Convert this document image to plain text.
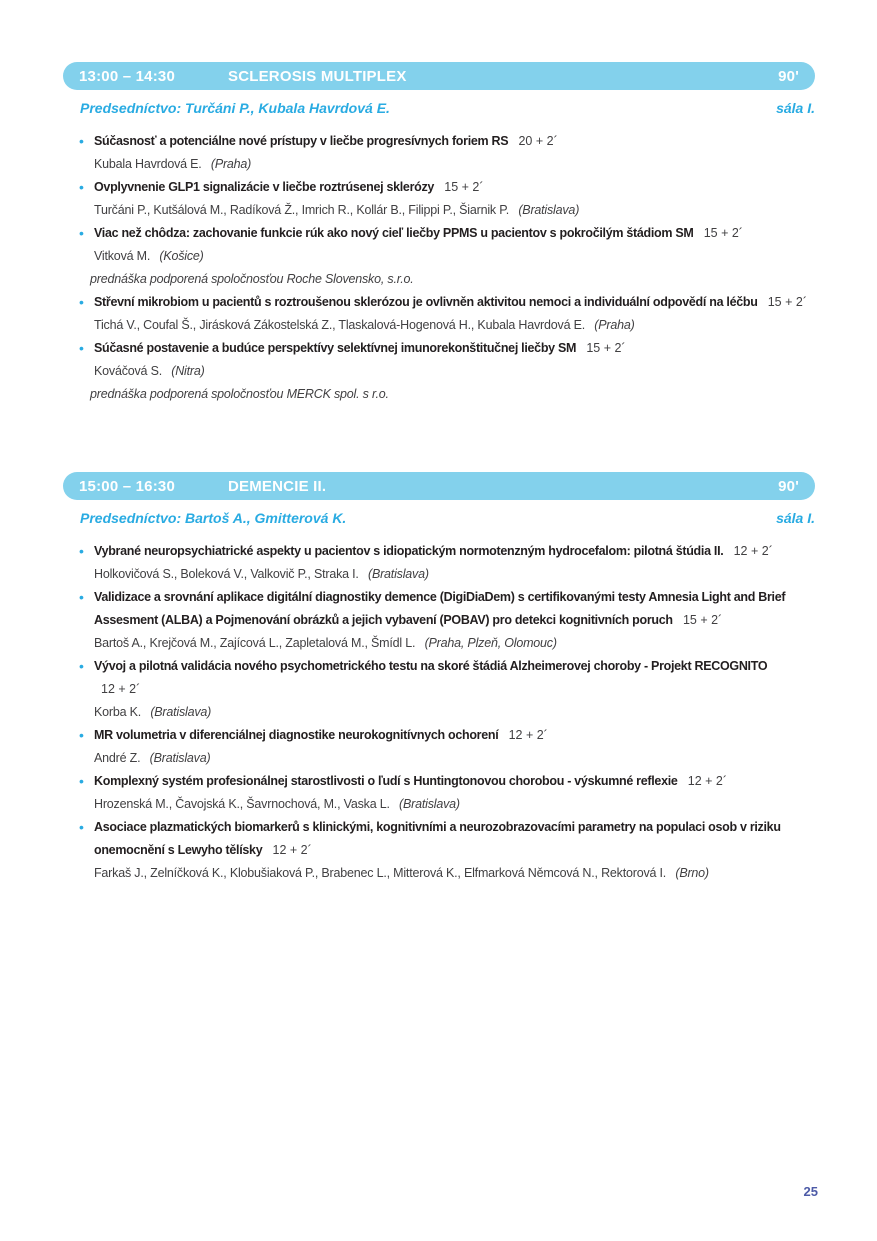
13:00 – 14:30	SCLEROSIS MULTIPLEX	90'
Predsedníctvo: Turčáni P., Kubala Havrdová E.	sála I.
• Súčasnosť a potenciálne nové prístupy v liečbe progresívnych foriem RS 20 + 2´
Kubala Havrdová E. (Praha)
• Ovplyvnenie GLP1 signalizácie v liečbe roztrúsenej sklerózy 15 + 2´
Turčáni P., Kutšálová M., Radíková Ž., Imrich R., Kollár B., Filippi P., Šiarnik P. (Bratislava)
• Viac než chôdza: zachovanie funkcie rúk ako nový cieľ liečby PPMS u pacientov s pokročilým štádiom SM 15 + 2´
Vitková M. (Košice)
prednáška podporená spoločnosťou Roche Slovensko, s.r.o.
• Střevní mikrobiom u pacientů s roztroušenou sklerózou je ovlivněn aktivitou nemoci a individuální odpovědí na léčbu 15 + 2´
Tichá V., Coufal Š., Jirásková Zákostelská Z., Tlaskalová-Hogenová H., Kubala Havrdová E. (Praha)
• Súčasné postavenie a budúce perspektívy selektívnej imunorekonštitučnej liečby SM 15 + 2´
Kováčová S. (Nitra)
prednáška podporená spoločnosťou MERCK spol. s r.o.
15:00 – 16:30	DEMENCIE II.	90'
Predsedníctvo: Bartoš A., Gmitterová K.	sála I.
• Vybrané neuropsychiatrické aspekty u pacientov s idiopatickým normotenzným hydrocefalom: pilotná štúdia II. 12 + 2´
Holkovičová S., Boleková V., Valkovič P., Straka I. (Bratislava)
• Validizace a srovnání aplikace digitální diagnostiky demence (DigiDiaDem) s certifikovanými testy Amnesia Light and Brief Assesment (ALBA) a Pojmenování obrázků a jejich vybavení (POBAV) pro detekci kognitivních poruch 15 + 2´
Bartoš A., Krejčová M., Zajícová L., Zapletalová M., Šmídl L. (Praha, Plzeň, Olomouc)
• Vývoj a pilotná validácia nového psychometrického testu na skoré štádiá Alzheimerovej choroby - Projekt RECOGNITO 12 + 2´
Korba K. (Bratislava)
• MR volumetria v diferenciálnej diagnostike neurokognitívnych ochorení 12 + 2´
André Z. (Bratislava)
• Komplexný systém profesionálnej starostlivosti o ľudí s Huntingtonovou chorobou - výskumné reflexie 12 + 2´
Hrozenská M., Čavojská K., Šavrnochová, M., Vaska L. (Bratislava)
• Asociace plazmatických biomarkerů s klinickými, kognitivními a neurozobrazovacími parametry na populaci osob v riziku onemocnění s Lewyho tělísky 12 + 2´
Farkaš J., Zelníčková K., Klobušiaková P., Brabenec L., Mitterová K., Elfmarková Němcová N., Rektorová I. (Brno)
25
